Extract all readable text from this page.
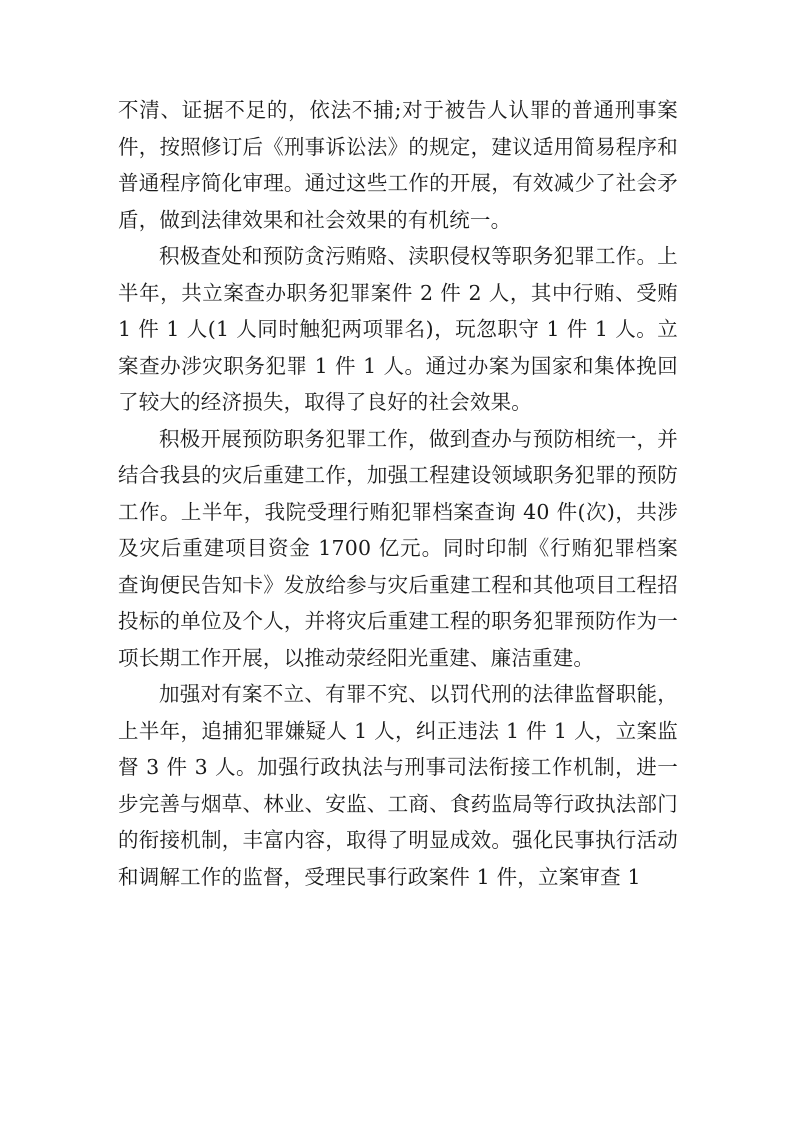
不清、证据不足的，依法不捕;对于被告人认罪的普通刑事案件，按照修订后《刑事诉讼法》的规定，建议适用简易程序和普通程序简化审理。通过这些工作的开展，有效减少了社会矛盾，做到法律效果和社会效果的有机统一。

积极查处和预防贪污贿赂、渎职侵权等职务犯罪工作。上半年，共立案查办职务犯罪案件 2 件 2 人，其中行贿、受贿 1 件 1 人(1 人同时触犯两项罪名)，玩忽职守 1 件 1 人。立案查办涉灾职务犯罪 1 件 1 人。通过办案为国家和集体挽回了较大的经济损失，取得了良好的社会效果。

积极开展预防职务犯罪工作，做到查办与预防相统一，并结合我县的灾后重建工作，加强工程建设领域职务犯罪的预防工作。上半年，我院受理行贿犯罪档案查询 40 件(次)，共涉及灾后重建项目资金 1700 亿元。同时印制《行贿犯罪档案查询便民告知卡》发放给参与灾后重建工程和其他项目工程招投标的单位及个人，并将灾后重建工程的职务犯罪预防作为一项长期工作开展，以推动荥经阳光重建、廉洁重建。

加强对有案不立、有罪不究、以罚代刑的法律监督职能，上半年，追捕犯罪嫌疑人 1 人，纠正违法 1 件 1 人，立案监督 3 件 3 人。加强行政执法与刑事司法衔接工作机制，进一步完善与烟草、林业、安监、工商、食药监局等行政执法部门的衔接机制，丰富内容，取得了明显成效。强化民事执行活动和调解工作的监督，受理民事行政案件 1 件，立案审查 1
